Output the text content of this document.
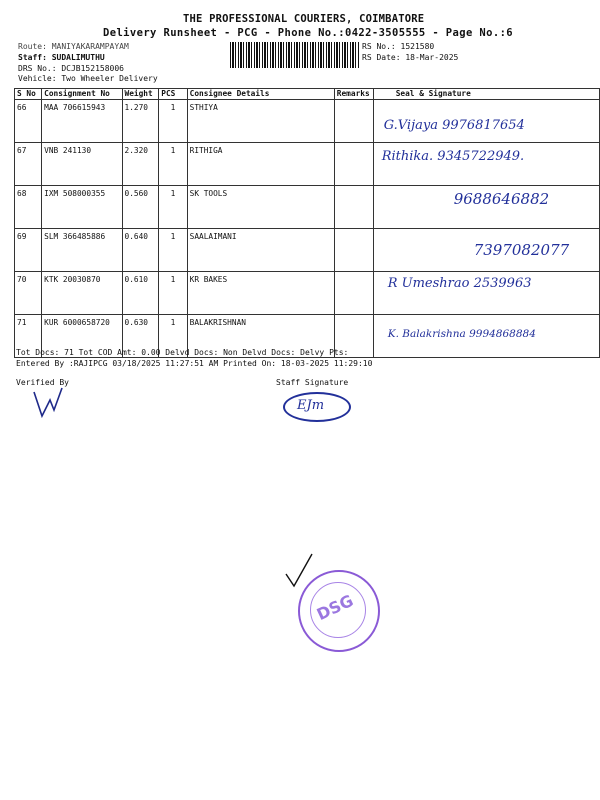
THE PROFESSIONAL COURIERS, COIMBATORE
Delivery Runsheet - PCG - Phone No.:0422-3505555 - Page No.:6
Route: MANIYAKARAMPAYAM
Staff: SUDALIMUTHU
DRS No.: DCJB152158006
Vehicle: Two Wheeler Delivery
RS No.: 1521580
RS Date: 18-Mar-2025
S No	Consignment No	Weight	PCS	Consignee Details	Remarks	Seal & Signature
66	MAA 706615943	1.270	1	STHIYA		G.Vijaya 9976817654

67	VNB 241130	2.320	1	RITHIGA		Rithika. 9345722949.

68	IXM 508000355	0.560	1	SK TOOLS		9688646882

69	SLM 366485886	0.640	1	SAALAIMANI		7397082077

70	KTK 20030870	0.610	1	KR BAKES		R Umeshrao 2539963

71	KUR 6000658720	0.630	1	BALAKRISHNAN		K. Balakrishna 9994868884
Tot Docs: 71 Tot COD Amt: 0.00 Delvd Docs: Non Delvd Docs: Delvy Pts:
Entered By :RAJIPCG 03/18/2025 11:27:51 AM Printed On: 18-03-2025 11:29:10
Verified By	Staff Signature
EJm
DSG
